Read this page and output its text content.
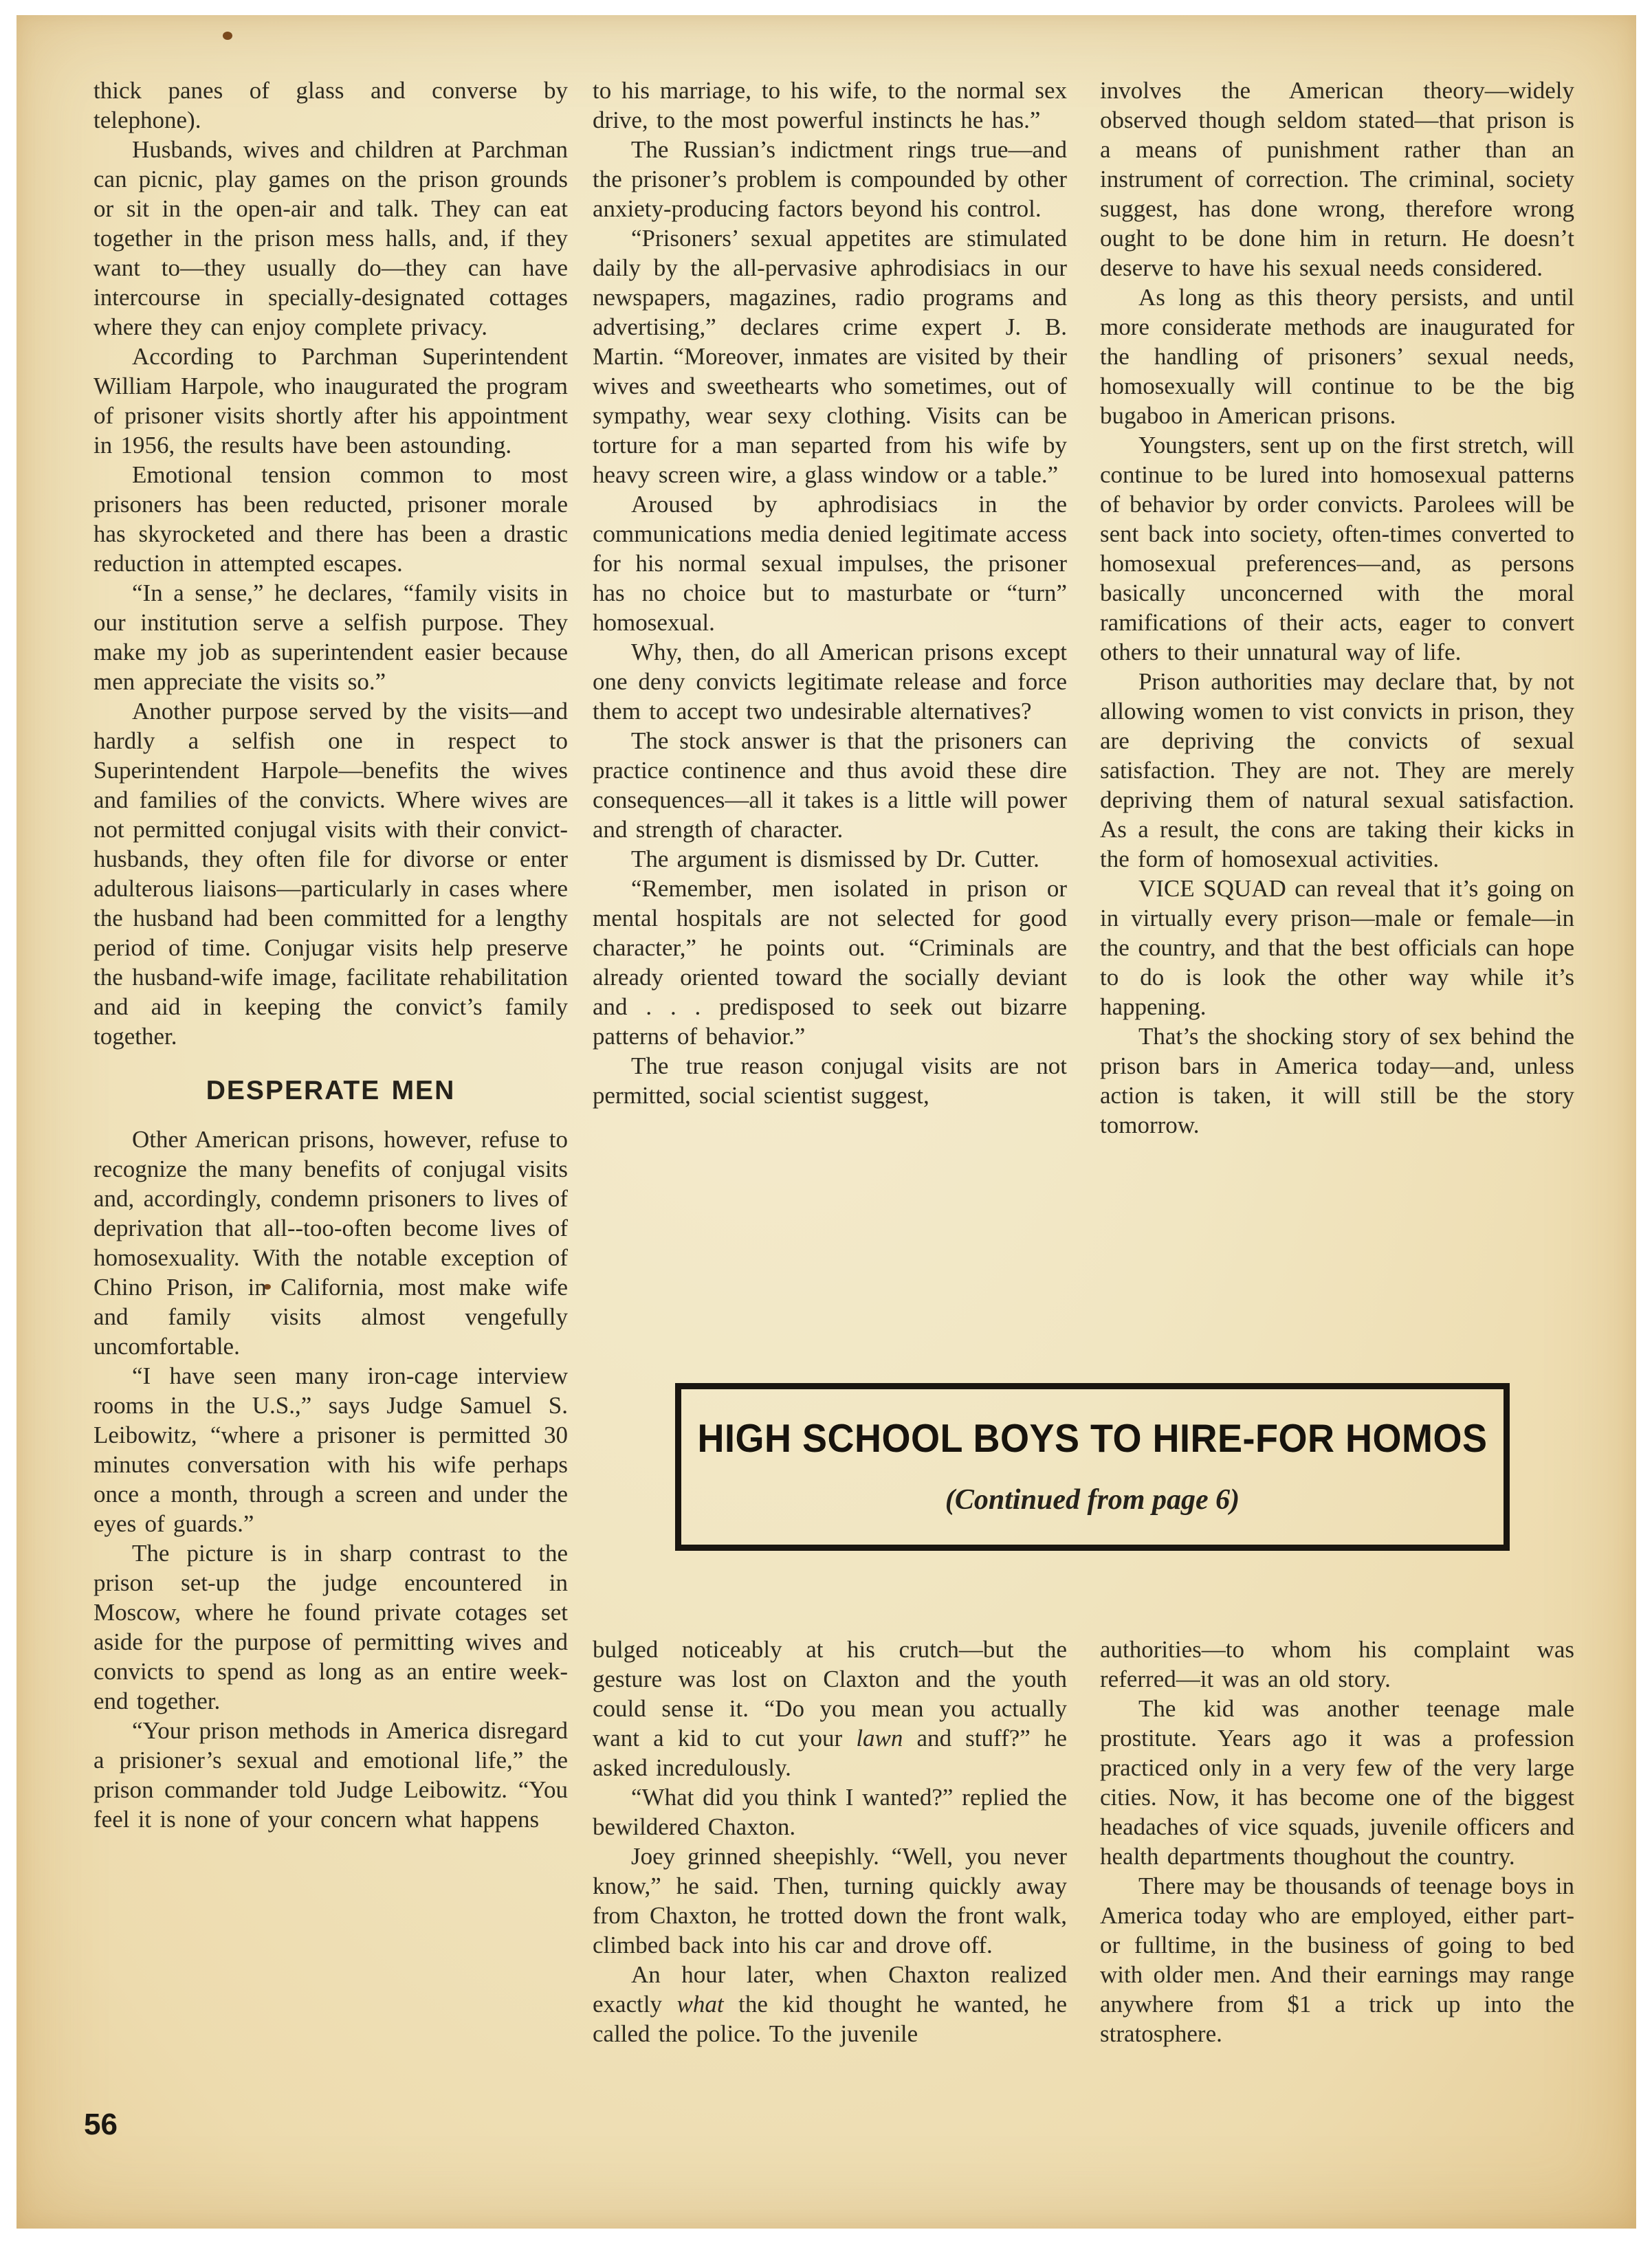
thick panes of glass and converse by telephone).

Husbands, wives and children at Parchman can picnic, play games on the prison grounds or sit in the open-air and talk. They can eat together in the prison mess halls, and, if they want to—they usually do—they can have intercourse in specially-designated cottages where they can enjoy complete privacy.

According to Parchman Superintendent William Harpole, who inaugurated the program of prisoner visits shortly after his appointment in 1956, the results have been astounding.

Emotional tension common to most prisoners has been reducted, prisoner morale has skyrocketed and there has been a drastic reduction in attempted escapes.

“In a sense,” he declares, “family visits in our institution serve a selfish purpose. They make my job as superintendent easier because men appreciate the visits so.”

Another purpose served by the visits—and hardly a selfish one in respect to Superintendent Harpole—benefits the wives and families of the convicts. Where wives are not permitted conjugal visits with their convict-husbands, they often file for divorse or enter adulterous liaisons—particularly in cases where the husband had been committed for a lengthy period of time. Conjugar visits help preserve the husband-wife image, facilitate rehabilitation and aid in keeping the convict’s family together.

DESPERATE MEN

Other American prisons, however, refuse to recognize the many benefits of conjugal visits and, accordingly, condemn prisoners to lives of deprivation that all--too-often become lives of homosexuality. With the notable exception of Chino Prison, in California, most make wife and family visits almost vengefully uncomfortable.

“I have seen many iron-cage interview rooms in the U.S.,” says Judge Samuel S. Leibowitz, “where a prisoner is permitted 30 minutes conversation with his wife perhaps once a month, through a screen and under the eyes of guards.”

The picture is in sharp contrast to the prison set-up the judge encountered in Moscow, where he found private cotages set aside for the purpose of permitting wives and convicts to spend as long as an entire week-end together.

“Your prison methods in America disregard a prisioner’s sexual and emotional life,” the prison commander told Judge Leibowitz. “You feel it is none of your concern what happens

to his marriage, to his wife, to the normal sex drive, to the most powerful instincts he has.”

The Russian’s indictment rings true—and the prisoner’s problem is compounded by other anxiety-producing factors beyond his control.

“Prisoners’ sexual appetites are stimulated daily by the all-pervasive aphrodisiacs in our newspapers, magazines, radio programs and advertising,” declares crime expert J. B. Martin. “Moreover, inmates are visited by their wives and sweethearts who sometimes, out of sympathy, wear sexy clothing. Visits can be torture for a man separted from his wife by heavy screen wire, a glass window or a table.”

Aroused by aphrodisiacs in the communications media denied legitimate access for his normal sexual impulses, the prisoner has no choice but to masturbate or “turn” homosexual.

Why, then, do all American prisons except one deny convicts legitimate release and force them to accept two undesirable alternatives?

The stock answer is that the prisoners can practice continence and thus avoid these dire consequences—all it takes is a little will power and strength of character.

The argument is dismissed by Dr. Cutter.

“Remember, men isolated in prison or mental hospitals are not selected for good character,” he points out. “Criminals are already oriented toward the socially deviant and . . . predisposed to seek out bizarre patterns of behavior.”

The true reason conjugal visits are not permitted, social scientist suggest,

involves the American theory—widely observed though seldom stated—that prison is a means of punishment rather than an instrument of correction. The criminal, society suggest, has done wrong, therefore wrong ought to be done him in return. He doesn’t deserve to have his sexual needs considered.

As long as this theory persists, and until more considerate methods are inaugurated for the handling of prisoners’ sexual needs, homosexually will continue to be the big bugaboo in American prisons.

Youngsters, sent up on the first stretch, will continue to be lured into homosexual patterns of behavior by order convicts. Parolees will be sent back into society, often-times converted to homosexual preferences—and, as persons basically unconcerned with the moral ramifications of their acts, eager to convert others to their unnatural way of life.

Prison authorities may declare that, by not allowing women to vist convicts in prison, they are depriving the convicts of sexual satisfaction. They are not. They are merely depriving them of natural sexual satisfaction. As a result, the cons are taking their kicks in the form of homosexual activities.

VICE SQUAD can reveal that it’s going on in virtually every prison—male or female—in the country, and that the best officials can hope to do is look the other way while it’s happening.

That’s the shocking story of sex behind the prison bars in America today—and, unless action is taken, it will still be the story tomorrow.

HIGH SCHOOL BOYS TO HIRE-FOR HOMOS
(Continued from page 6)

bulged noticeably at his crutch—but the gesture was lost on Claxton and the youth could sense it. “Do you mean you actually want a kid to cut your lawn and stuff?” he asked incredulously.

“What did you think I wanted?” replied the bewildered Chaxton.

Joey grinned sheepishly. “Well, you never know,” he said. Then, turning quickly away from Chaxton, he trotted down the front walk, climbed back into his car and drove off.

An hour later, when Chaxton realized exactly what the kid thought he wanted, he called the police. To the juvenile

authorities—to whom his complaint was referred—it was an old story.

The kid was another teenage male prostitute. Years ago it was a profession practiced only in a very few of the very large cities. Now, it has become one of the biggest headaches of vice squads, juvenile officers and health departments thoughout the country.

There may be thousands of teenage boys in America today who are employed, either part-or fulltime, in the business of going to bed with older men. And their earnings may range anywhere from $1 a trick up into the stratosphere.

56
